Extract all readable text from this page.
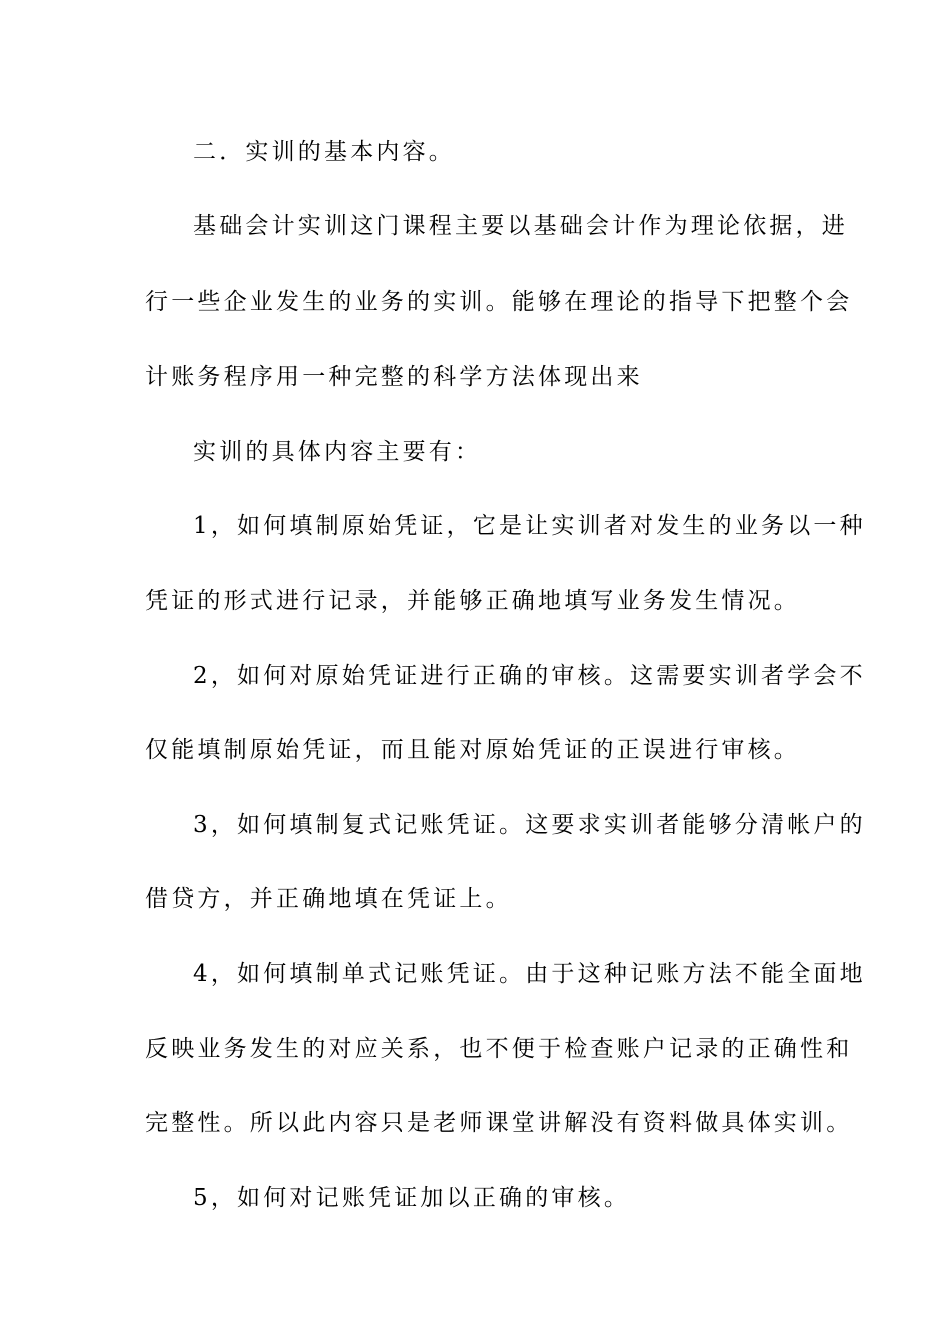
二．实训的基本内容。
基础会计实训这门课程主要以基础会计作为理论依据，进
行一些企业发生的业务的实训。能够在理论的指导下把整个会
计账务程序用一种完整的科学方法体现出来
实训的具体内容主要有：
1，如何填制原始凭证，它是让实训者对发生的业务以一种
凭证的形式进行记录，并能够正确地填写业务发生情况。
2，如何对原始凭证进行正确的审核。这需要实训者学会不
仅能填制原始凭证，而且能对原始凭证的正误进行审核。
3，如何填制复式记账凭证。这要求实训者能够分清帐户的
借贷方，并正确地填在凭证上。
4，如何填制单式记账凭证。由于这种记账方法不能全面地
反映业务发生的对应关系，也不便于检查账户记录的正确性和
完整性。所以此内容只是老师课堂讲解没有资料做具体实训。
5，如何对记账凭证加以正确的审核。
